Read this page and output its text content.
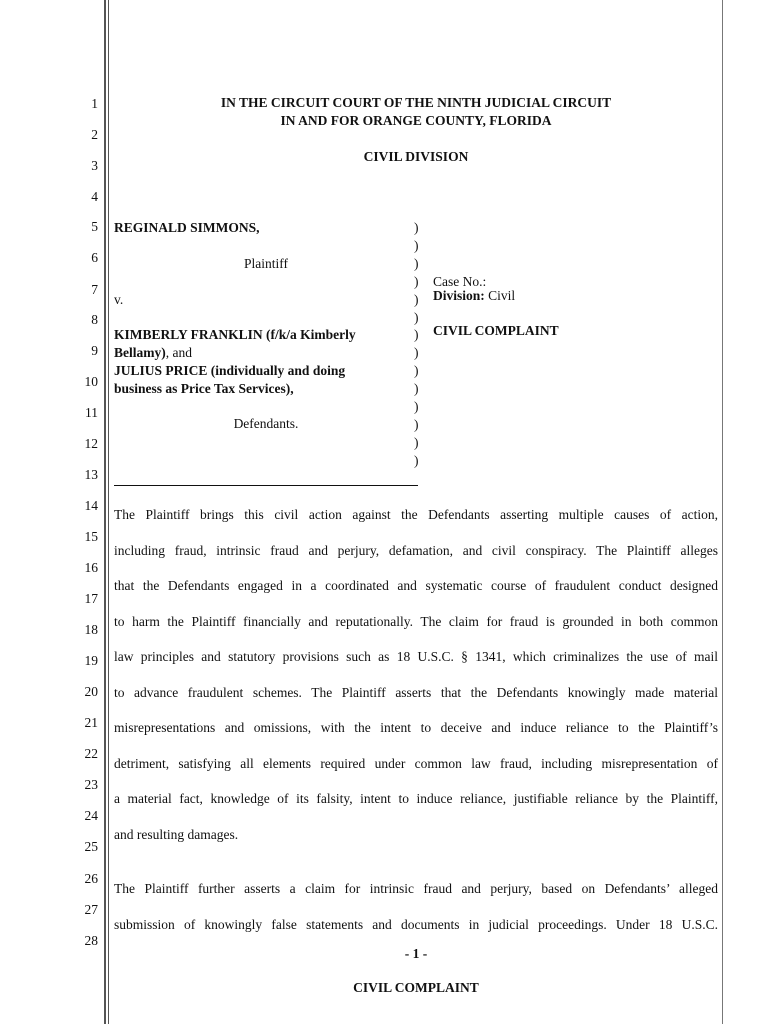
1
2
3
4
5
6
7
8
9
10
11
12
13
14
15
16
17
18
19
20
21
22
23
24
25
26
27
28
IN THE CIRCUIT COURT OF THE NINTH JUDICIAL CIRCUIT
IN AND FOR ORANGE COUNTY, FLORIDA
CIVIL DIVISION
REGINALD SIMMONS,
Plaintiff
v.
KIMBERLY FRANKLIN (f/k/a Kimberly
Bellamy), and
JULIUS PRICE (individually and doing
business as Price Tax Services),
Defendants.
)
)
)
)
)
)
)
)
)
)
)
)
)
)
Case No.:
Division: Civil
CIVIL COMPLAINT
The Plaintiff brings this civil action against the Defendants asserting multiple causes of action,
including fraud, intrinsic fraud and perjury, defamation, and civil conspiracy. The Plaintiff alleges
that the Defendants engaged in a coordinated and systematic course of fraudulent conduct designed
to harm the Plaintiff financially and reputationally. The claim for fraud is grounded in both common
law principles and statutory provisions such as 18 U.S.C. § 1341, which criminalizes the use of mail
to advance fraudulent schemes. The Plaintiff asserts that the Defendants knowingly made material
misrepresentations and omissions, with the intent to deceive and induce reliance to the Plaintiff’s
detriment, satisfying all elements required under common law fraud, including misrepresentation of
a material fact, knowledge of its falsity, intent to induce reliance, justifiable reliance by the Plaintiff,
and resulting damages.
The Plaintiff further asserts a claim for intrinsic fraud and perjury, based on Defendants’ alleged
submission of knowingly false statements and documents in judicial proceedings. Under 18 U.S.C.
- 1 -
CIVIL COMPLAINT
